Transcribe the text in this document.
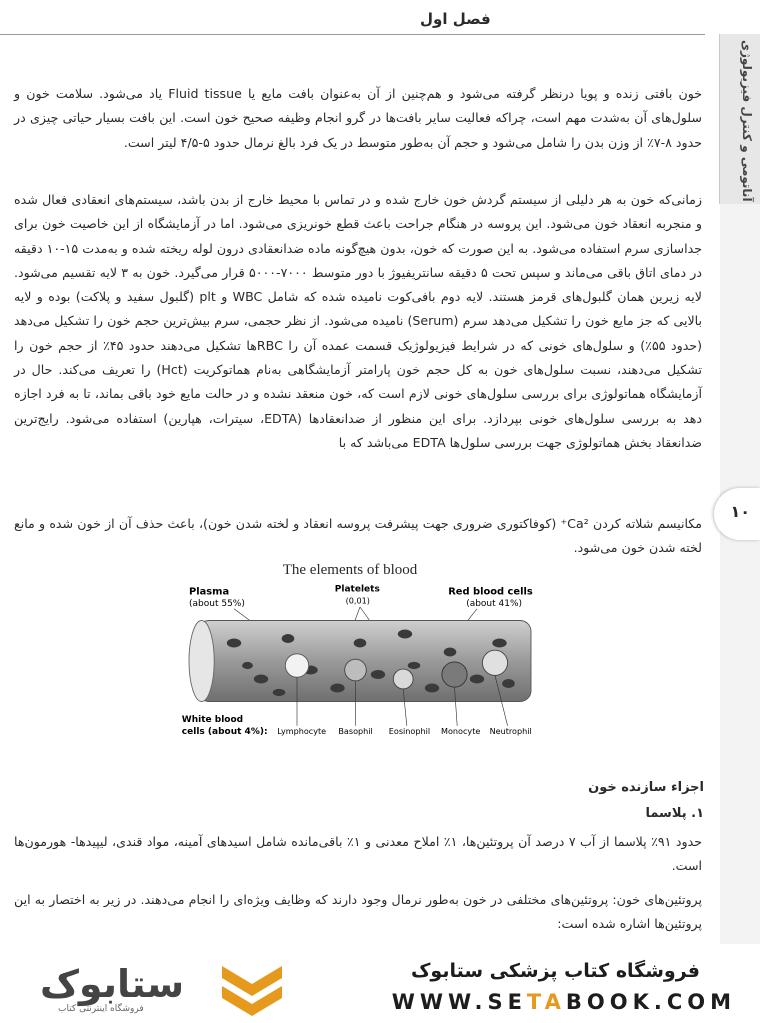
فصل اول
آناتومی و کنترل فیزیولوژی
۱۰
خون بافتی زنده و پویا درنظر گرفته می‌شود و هم‌چنین از آن به‌عنوان بافت مایع یا Fluid tissue یاد می‌شود. سلامت خون و سلول‌های آن به‌شدت مهم است، چراکه فعالیت سایر بافت‌ها در گرو انجام وظیفه صحیح خون است. این بافت بسیار حیاتی چیزی در حدود ۸-۷٪ از وزن بدن را شامل می‌شود و حجم آن به‌طور متوسط در یک فرد بالغ نرمال حدود ۵-۴/۵ لیتر است.
زمانی‌که خون به هر دلیلی از سیستم گردش خون خارج شده و در تماس با محیط خارج از بدن باشد، سیستم‌های انعقادی فعال شده و منجربه انعقاد خون می‌شود. این پروسه در هنگام جراحت باعث قطع خونریزی می‌شود. اما در آزمایشگاه از این خاصیت خون برای جداسازی سرم استفاده می‌شود. به این صورت که خون، بدون هیچ‌گونه ماده ضدانعقادی درون لوله ریخته شده و به‌مدت ۱۵-۱۰ دقیقه در دمای اتاق باقی می‌ماند و سپس تحت ۵ دقیقه سانتریفیوژ با دور متوسط ۷۰۰۰-۵۰۰۰ قرار می‌گیرد. خون به ۳ لایه تقسیم می‌شود. لایه زیرین همان گلبول‌های قرمز هستند. لایه دوم بافی‌کوت نامیده شده که شامل WBC و plt (گلبول سفید و پلاکت) بوده و لایه بالایی که جز مایع خون را تشکیل می‌دهد سرم (Serum) نامیده می‌شود. از نظر حجمی، سرم بیش‌ترین حجم خون را تشکیل می‌دهد (حدود ۵۵٪) و سلول‌های خونی که در شرایط فیزیولوژیک قسمت عمده آن را RBCها تشکیل می‌دهند حدود ۴۵٪ از حجم خون را تشکیل می‌دهند، نسبت سلول‌های خون به کل حجم خون پارامتر آزمایشگاهی به‌نام هماتوکریت (Hct) را تعریف می‌کند. حال در آزمایشگاه هماتولوژی برای بررسی سلول‌های خونی لازم است که، خون منعقد نشده و در حالت مایع خود باقی بماند، تا به فرد اجازه دهد به بررسی سلول‌های خونی بپردازد. برای این منظور از ضدانعقادها (EDTA، سیترات، هپارین) استفاده می‌شود. رایج‌ترین ضدانعقاد بخش هماتولوژی جهت بررسی سلول‌ها EDTA می‌باشد که با
مکانیسم شلاته کردن Ca²⁺ (کوفاکتوری ضروری جهت پیشرفت پروسه انعقاد و لخته شدن خون)، باعث حذف آن از خون شده و مانع لخته شدن خون می‌شود.
The elements of blood
Plasma
(about 55%)
Platelets
(0,01)
Red blood cells
(about 41%)
White blood
cells (about 4%): Lymphocyte Basophil Eosinophil Monocyte Neutrophil
اجزاء سازنده خون
۱. پلاسما
حدود ۹۱٪ پلاسما از آب ۷ درصد آن پروتئین‌ها، ۱٪ املاح معدنی و ۱٪ باقی‌مانده شامل اسیدهای آمینه، مواد قندی، لیپیدها- هورمون‌ها است.
پروتئین‌های خون: پروتئین‌های مختلفی در خون به‌طور نرمال وجود دارند که وظایف ویژه‌ای را انجام می‌دهند. در زیر به اختصار به این پروتئین‌ها اشاره شده است:
فروشگاه کتاب پزشکی ستابوک
WWW.SETABOOK.COM
ستابوک
فروشگاه اینترنتی کتاب
